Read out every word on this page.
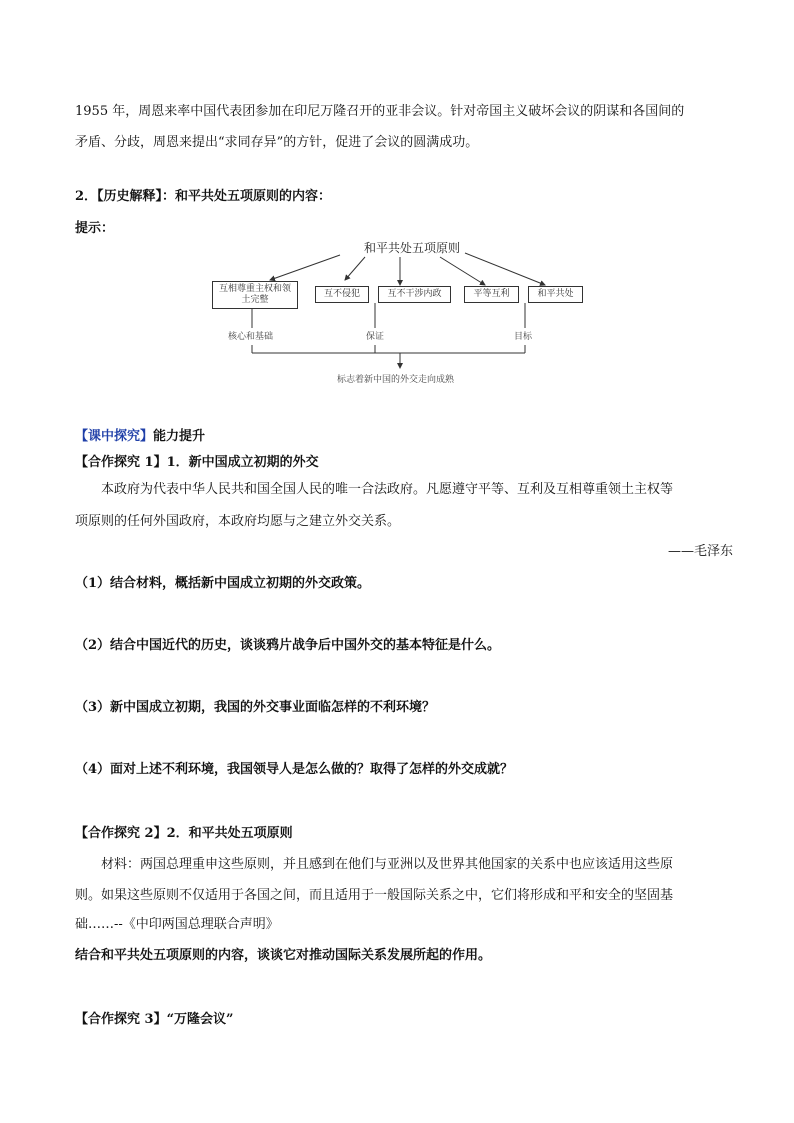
1955 年，周恩来率中国代表团参加在印尼万隆召开的亚非会议。针对帝国主义破坏会议的阴谋和各国间的
矛盾、分歧，周恩来提出“求同存异”的方针，促进了会议的圆满成功。
2．【历史解释】：和平共处五项原则的内容：
提示：
和平共处五项原则
互相尊重主权和领土完整
互不侵犯	互不干涉内政	平等互利	和平共处
核心和基础	保证	目标
标志着新中国的外交走向成熟
【课中探究】能力提升
【合作探究 1】1．新中国成立初期的外交
本政府为代表中华人民共和国全国人民的唯一合法政府。凡愿遵守平等、互利及互相尊重领土主权等
项原则的任何外国政府，本政府均愿与之建立外交关系。
——毛泽东
（1）结合材料，概括新中国成立初期的外交政策。
（2）结合中国近代的历史，谈谈鸦片战争后中国外交的基本特征是什么。
（3）新中国成立初期，我国的外交事业面临怎样的不利环境？
（4）面对上述不利环境，我国领导人是怎么做的？取得了怎样的外交成就？
【合作探究 2】2．和平共处五项原则
材料：两国总理重申这些原则，并且感到在他们与亚洲以及世界其他国家的关系中也应该适用这些原
则。如果这些原则不仅适用于各国之间，而且适用于一般国际关系之中，它们将形成和平和安全的坚固基
础……--《中印两国总理联合声明》
结合和平共处五项原则的内容，谈谈它对推动国际关系发展所起的作用。
【合作探究 3】“万隆会议”
